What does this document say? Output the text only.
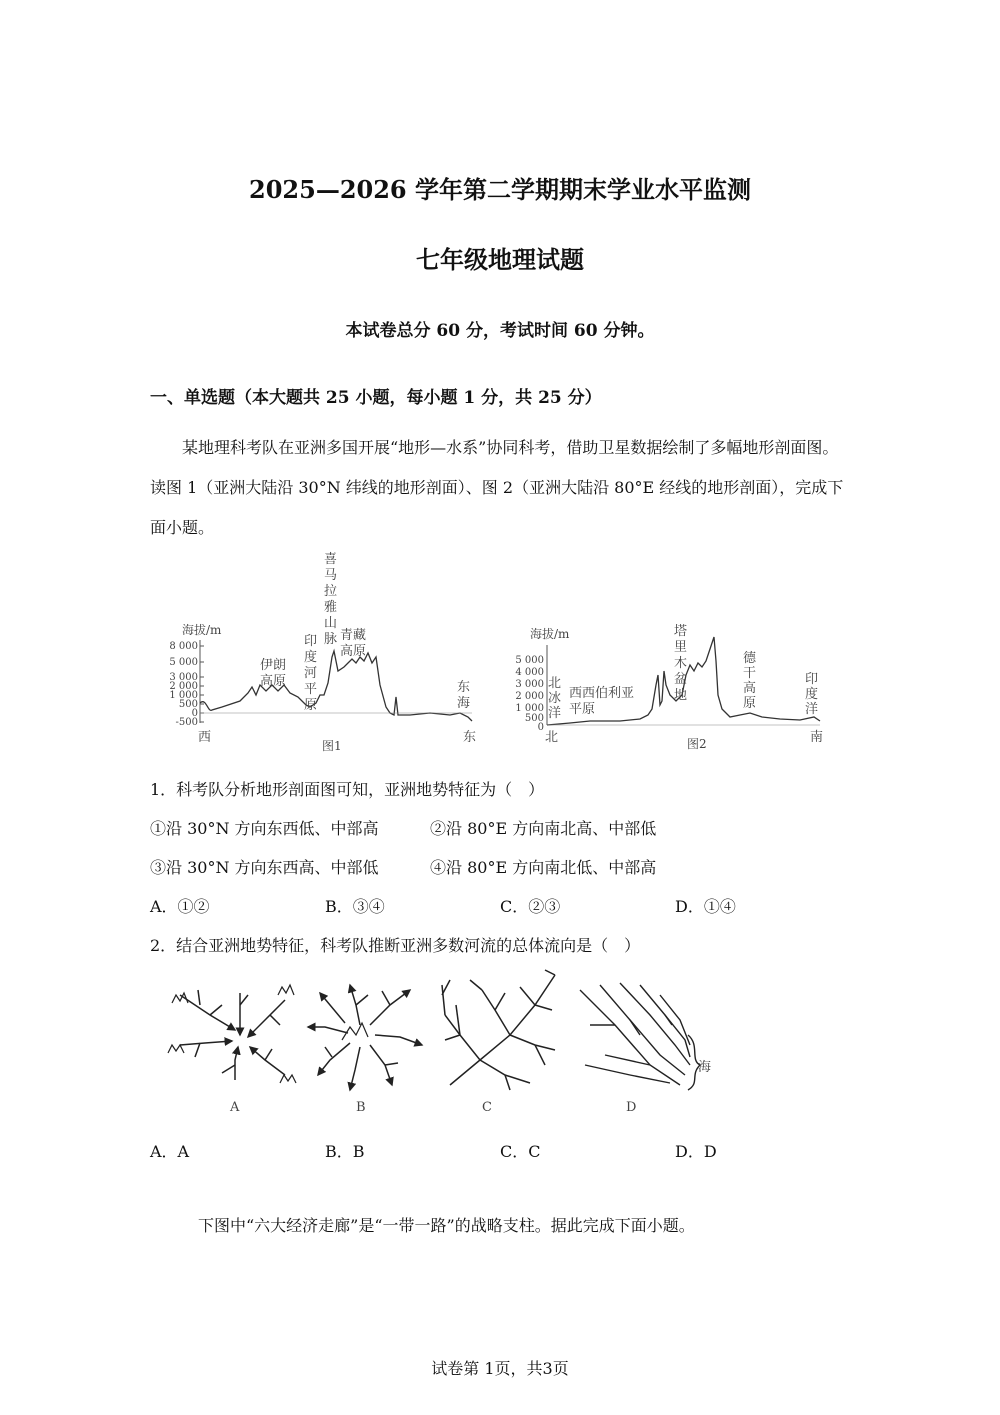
2025—2026 学年第二学期期末学业水平监测
七年级地理试题
本试卷总分 60 分，考试时间 60 分钟。
一、单选题（本大题共 25 小题，每小题 1 分，共 25 分）
某地理科考队在亚洲多国开展“地形—水系”协同科考，借助卫星数据绘制了多幅地形剖面图。读图 1（亚洲大陆沿 30°N 纬线的地形剖面）、图 2（亚洲大陆沿 80°E 经线的地形剖面），完成下面小题。
海拔/m
8 000
5 000
3 000
2 000
1 000
500
0
-500
伊朗
高原
印
度
河
平
原
喜
马
拉
雅
山
脉 青藏
高原
东
海
西	东
图1
海拔/m
5 000
4 000
3 000
2 000
1 000
500
0
北
冰
洋
西西伯利亚
平原
塔
里
木
盆
地
德
干
高
原
印
度
洋
北	南
图2
1．科考队分析地形剖面图可知，亚洲地势特征为（　）
①沿 30°N 方向东西低、中部高	②沿 80°E 方向南北高、中部低
③沿 30°N 方向东西高、中部低	④沿 80°E 方向南北低、中部高
A．①②	B．③④	C．②③	D．①④
2．结合亚洲地势特征，科考队推断亚洲多数河流的总体流向是（　）
A	B	C	D
海
A．A	B．B	C．C	D．D
下图中“六大经济走廊”是“一带一路”的战略支柱。据此完成下面小题。
试卷第 1页，共3页
